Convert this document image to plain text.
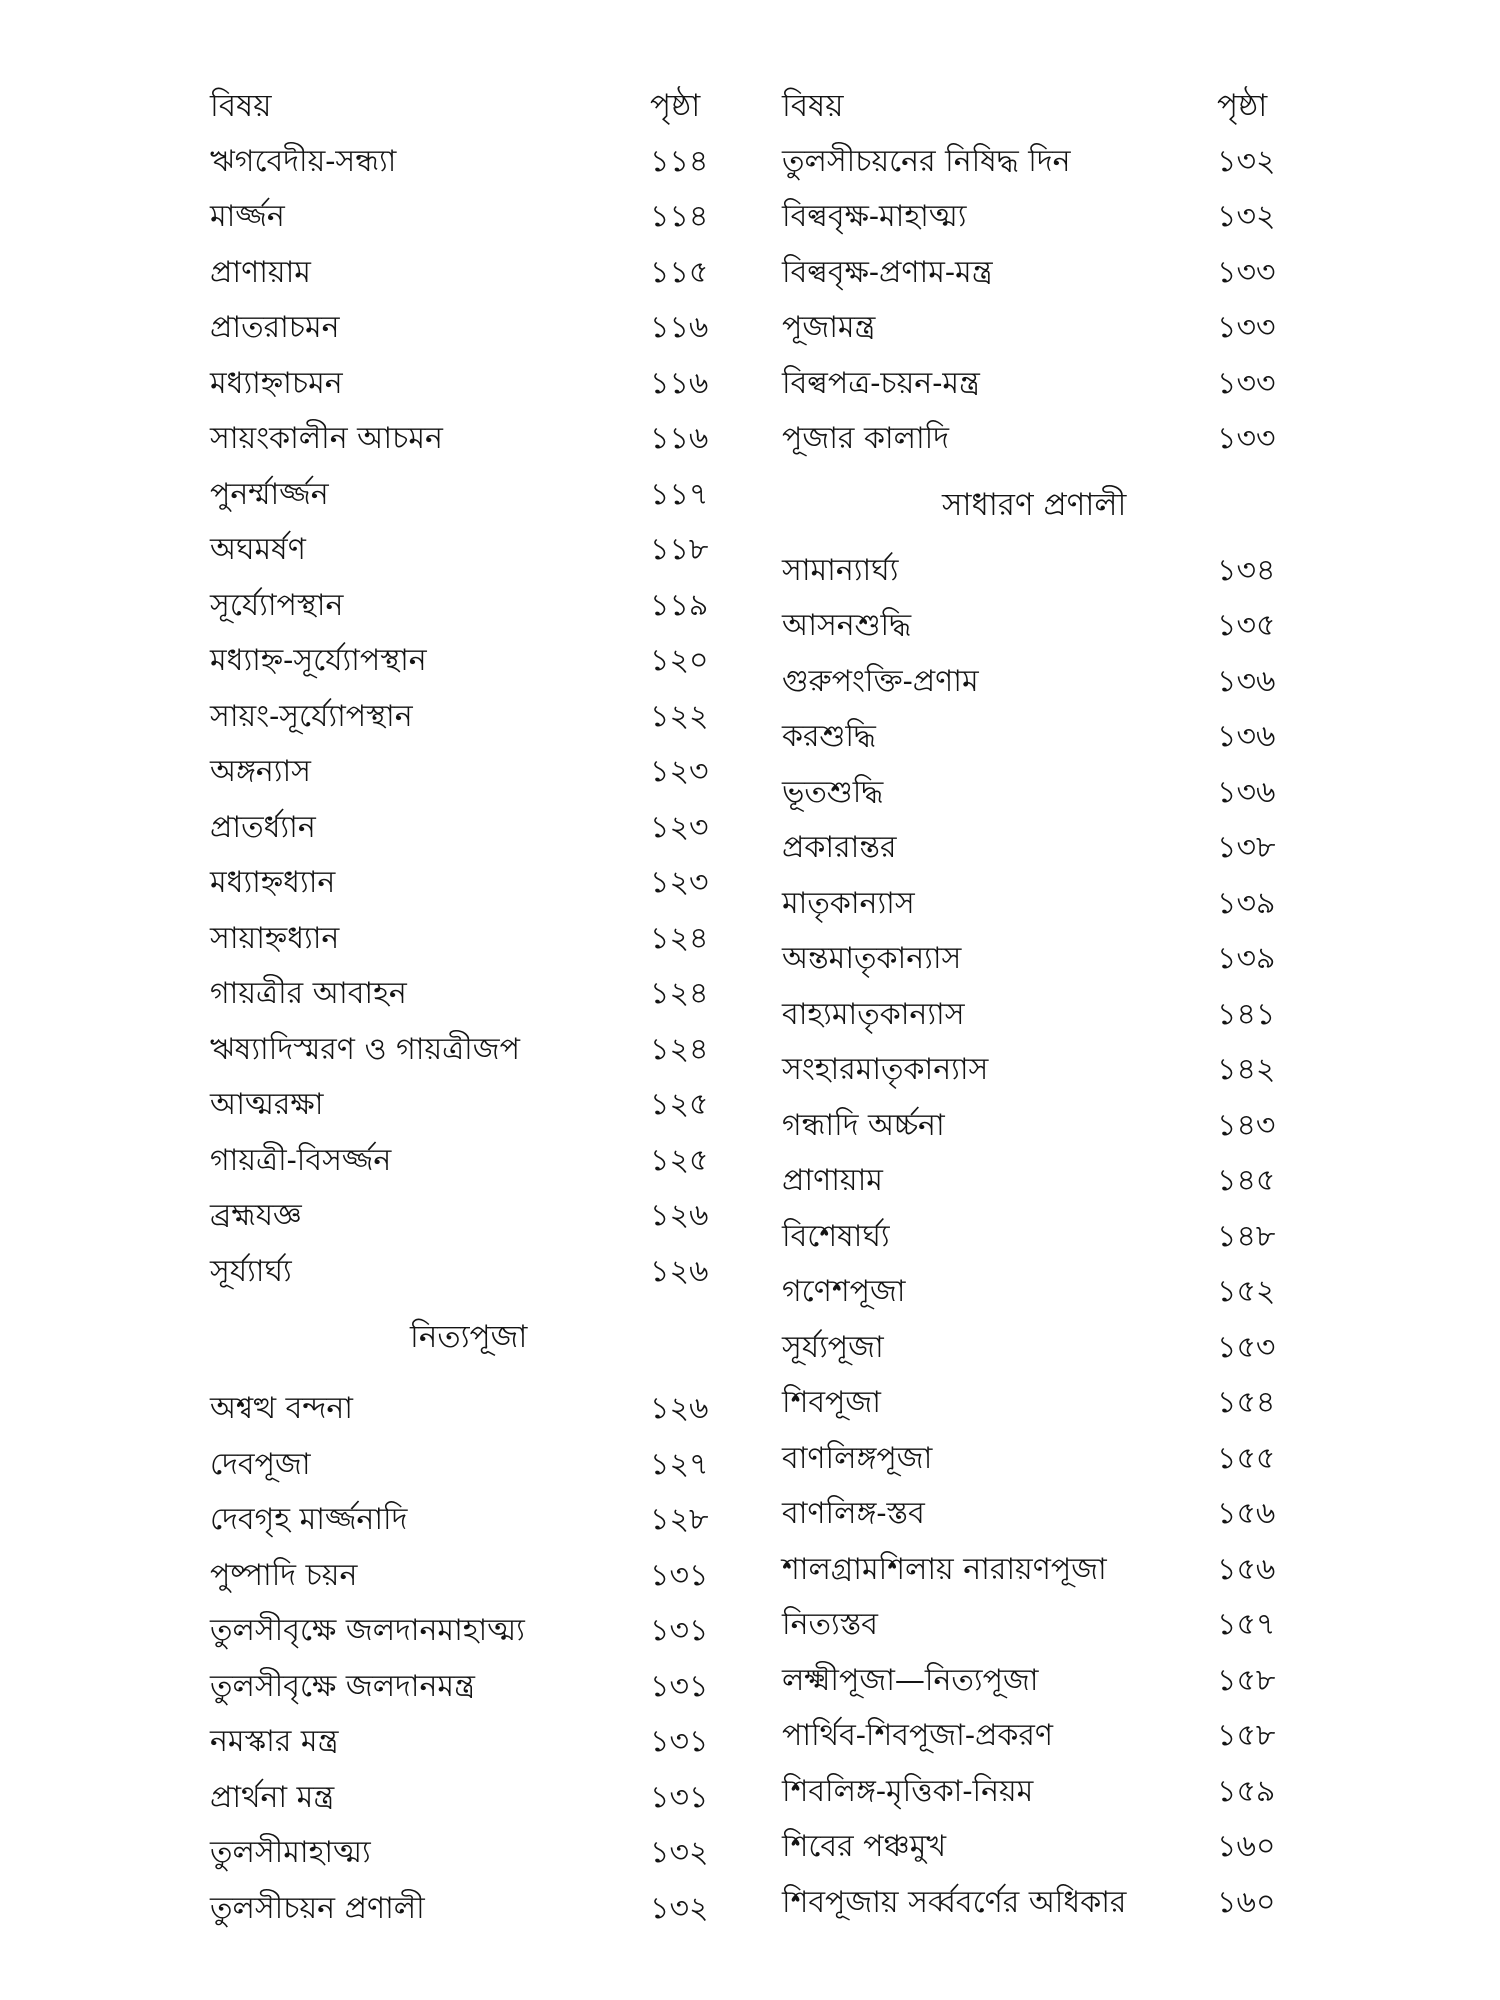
বিষয়	পৃষ্ঠা
ঋগবেদীয়-সন্ধ্যা	১১৪
মার্জ্জন	১১৪
প্রাণায়াম	১১৫
প্রাতরাচমন	১১৬
মধ্যাহ্নাচমন	১১৬
সায়ংকালীন আচমন	১১৬
পুনর্ম্মার্জ্জন	১১৭
অঘমর্ষণ	১১৮
সূর্য্যোপস্থান	১১৯
মধ্যাহ্ন-সূর্য্যোপস্থান	১২০
সায়ং-সূর্য্যোপস্থান	১২২
অঙ্গন্যাস	১২৩
প্রাতর্ধ্যান	১২৩
মধ্যাহ্নধ্যান	১২৩
সায়াহ্নধ্যান	১২৪
গায়ত্রীর আবাহন	১২৪
ঋষ্যাদিস্মরণ ও গায়ত্রীজপ	১২৪
আত্মরক্ষা	১২৫
গায়ত্রী-বিসর্জ্জন	১২৫
ব্রহ্মযজ্ঞ	১২৬
সূর্য্যার্ঘ্য	১২৬
নিত্যপূজা
অশ্বত্থ বন্দনা	১২৬
দেবপূজা	১২৭
দেবগৃহ মার্জ্জনাদি	১২৮
পুষ্পাদি চয়ন	১৩১
তুলসীবৃক্ষে জলদানমাহাত্ম্য	১৩১
তুলসীবৃক্ষে জলদানমন্ত্র	১৩১
নমস্কার মন্ত্র	১৩১
প্রার্থনা মন্ত্র	১৩১
তুলসীমাহাত্ম্য	১৩২
তুলসীচয়ন প্রণালী	১৩২
বিষয়	পৃষ্ঠা
তুলসীচয়নের নিষিদ্ধ দিন	১৩২
বিল্ববৃক্ষ-মাহাত্ম্য	১৩২
বিল্ববৃক্ষ-প্রণাম-মন্ত্র	১৩৩
পূজামন্ত্র	১৩৩
বিল্বপত্র-চয়ন-মন্ত্র	১৩৩
পূজার কালাদি	১৩৩
সাধারণ প্রণালী
সামান্যার্ঘ্য	১৩৪
আসনশুদ্ধি	১৩৫
গুরুপংক্তি-প্রণাম	১৩৬
করশুদ্ধি	১৩৬
ভূতশুদ্ধি	১৩৬
প্রকারান্তর	১৩৮
মাতৃকান্যাস	১৩৯
অন্তমাতৃকান্যাস	১৩৯
বাহ্যমাতৃকান্যাস	১৪১
সংহারমাতৃকান্যাস	১৪২
গন্ধাদি অর্চ্চনা	১৪৩
প্রাণায়াম	১৪৫
বিশেষার্ঘ্য	১৪৮
গণেশপূজা	১৫২
সূর্য্যপূজা	১৫৩
শিবপূজা	১৫৪
বাণলিঙ্গপূজা	১৫৫
বাণলিঙ্গ-স্তব	১৫৬
শালগ্রামশিলায় নারায়ণপূজা	১৫৬
নিত্যস্তব	১৫৭
লক্ষ্মীপূজা—নিত্যপূজা	১৫৮
পার্থিব-শিবপূজা-প্রকরণ	১৫৮
শিবলিঙ্গ-মৃত্তিকা-নিয়ম	১৫৯
শিবের পঞ্চমুখ	১৬০
শিবপূজায় সর্ব্ববর্ণের অধিকার	১৬০
